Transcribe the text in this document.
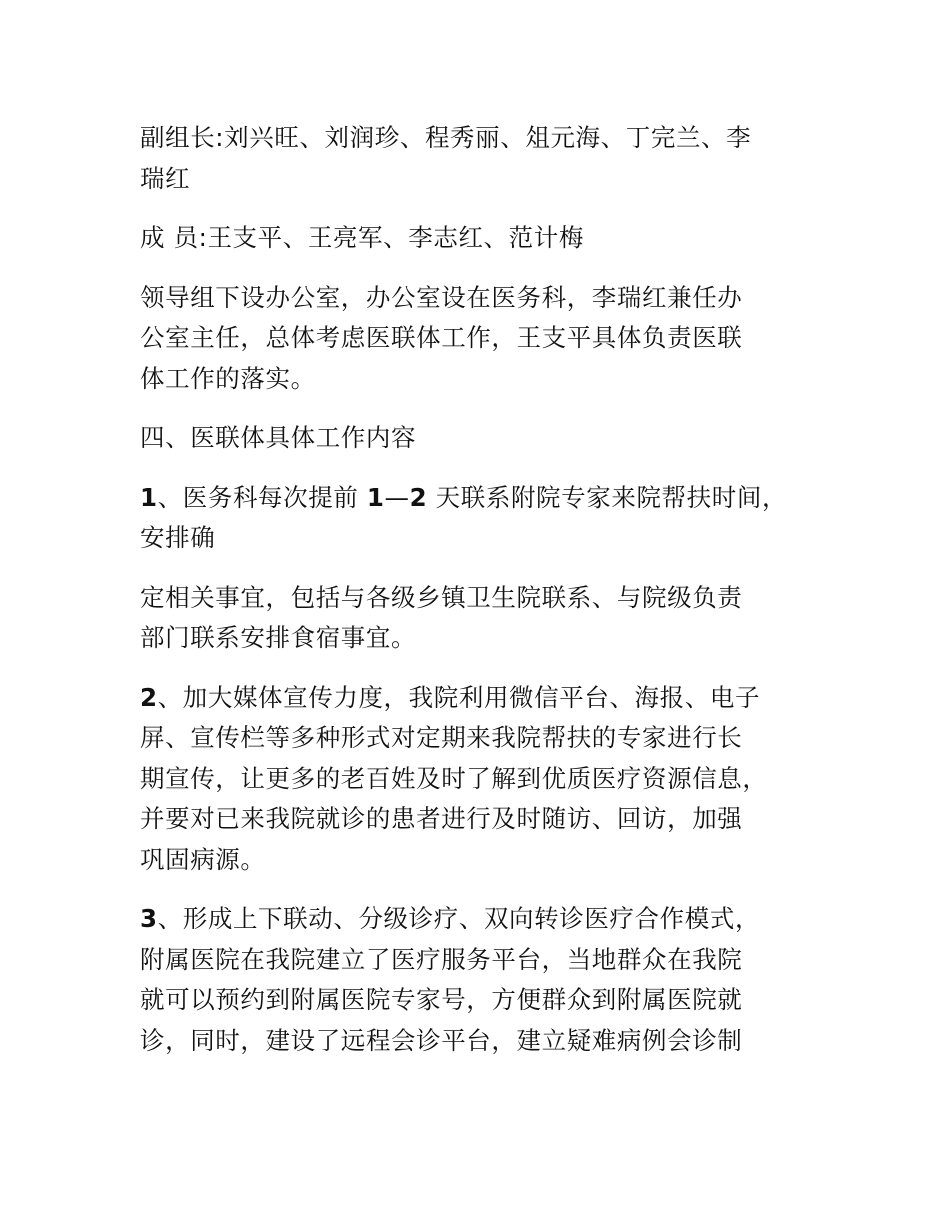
副组长:刘兴旺、刘润珍、程秀丽、俎元海、丁完兰、李
瑞红

成 员:王支平、王亮军、李志红、范计梅

领导组下设办公室，办公室设在医务科，李瑞红兼任办
公室主任，总体考虑医联体工作，王支平具体负责医联
体工作的落实。

四、医联体具体工作内容

1、医务科每次提前 1—2 天联系附院专家来院帮扶时间，
安排确

定相关事宜，包括与各级乡镇卫生院联系、与院级负责
部门联系安排食宿事宜。

2、加大媒体宣传力度，我院利用微信平台、海报、电子
屏、宣传栏等多种形式对定期来我院帮扶的专家进行长
期宣传，让更多的老百姓及时了解到优质医疗资源信息，
并要对已来我院就诊的患者进行及时随访、回访，加强
巩固病源。

3、形成上下联动、分级诊疗、双向转诊医疗合作模式，
附属医院在我院建立了医疗服务平台，当地群众在我院
就可以预约到附属医院专家号，方便群众到附属医院就
诊，同时，建设了远程会诊平台，建立疑难病例会诊制
